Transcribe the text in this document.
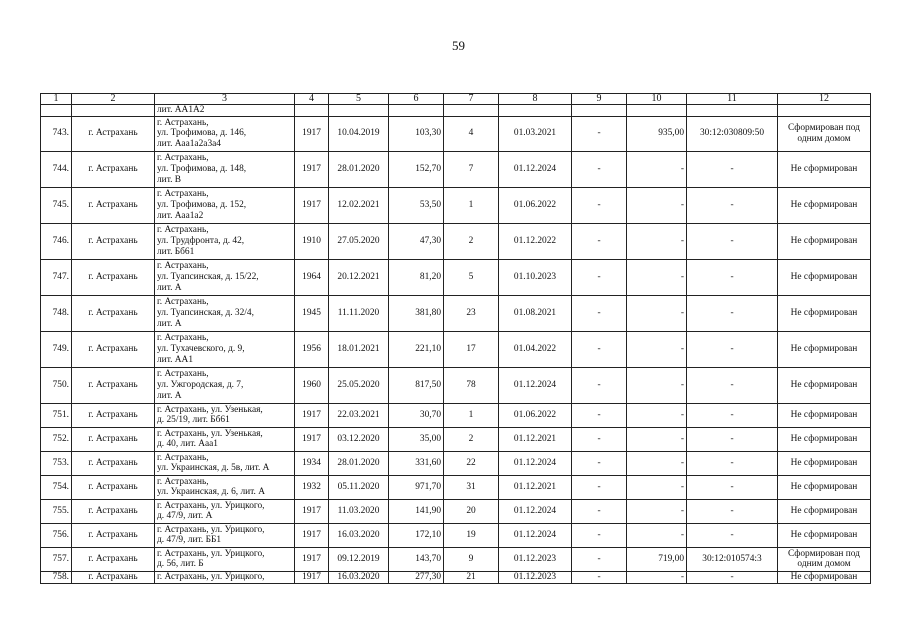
59
1	2	3	4	5	6	7	8	9	10	11	12
		лит. АА1А2									
743.	г. Астрахань	г. Астрахань,
ул. Трофимова, д. 146,
лит. Ааа1а2а3а4	1917	10.04.2019	103,30	4	01.03.2021	-	935,00	30:12:030809:50	Сформирован под
одним домом
744.	г. Астрахань	г. Астрахань,
ул. Трофимова, д. 148,
лит. В	1917	28.01.2020	152,70	7	01.12.2024	-	-	-	Не сформирован
745.	г. Астрахань	г. Астрахань,
ул. Трофимова, д. 152,
лит. Ааа1а2	1917	12.02.2021	53,50	1	01.06.2022	-	-	-	Не сформирован
746.	г. Астрахань	г. Астрахань,
ул. Трудфронта, д. 42,
лит. Бб61	1910	27.05.2020	47,30	2	01.12.2022	-	-	-	Не сформирован
747.	г. Астрахань	г. Астрахань,
ул. Туапсинская, д. 15/22,
лит. А	1964	20.12.2021	81,20	5	01.10.2023	-	-	-	Не сформирован
748.	г. Астрахань	г. Астрахань,
ул. Туапсинская, д. 32/4,
лит. А	1945	11.11.2020	381,80	23	01.08.2021	-	-	-	Не сформирован
749.	г. Астрахань	г. Астрахань,
ул. Тухачевского, д. 9,
лит. АА1	1956	18.01.2021	221,10	17	01.04.2022	-	-	-	Не сформирован
750.	г. Астрахань	г. Астрахань,
ул. Ужгородская, д. 7,
лит. А	1960	25.05.2020	817,50	78	01.12.2024	-	-	-	Не сформирован
751.	г. Астрахань	г. Астрахань, ул. Узенькая,
д. 25/19, лит. Бб61	1917	22.03.2021	30,70	1	01.06.2022	-	-	-	Не сформирован
752.	г. Астрахань	г. Астрахань, ул. Узенькая,
д. 40, лит. Ааа1	1917	03.12.2020	35,00	2	01.12.2021	-	-	-	Не сформирован
753.	г. Астрахань	г. Астрахань,
ул. Украинская, д. 5в, лит. А	1934	28.01.2020	331,60	22	01.12.2024	-	-	-	Не сформирован
754.	г. Астрахань	г. Астрахань,
ул. Украинская, д. 6, лит. А	1932	05.11.2020	971,70	31	01.12.2021	-	-	-	Не сформирован
755.	г. Астрахань	г. Астрахань, ул. Урицкого,
д. 47/9, лит. А	1917	11.03.2020	141,90	20	01.12.2024	-	-	-	Не сформирован
756.	г. Астрахань	г. Астрахань, ул. Урицкого,
д. 47/9, лит. ББ1	1917	16.03.2020	172,10	19	01.12.2024	-	-	-	Не сформирован
757.	г. Астрахань	г. Астрахань, ул. Урицкого,
д. 56, лит. Б	1917	09.12.2019	143,70	9	01.12.2023	-	719,00	30:12:010574:3	Сформирован под
одним домом
758.	г. Астрахань	г. Астрахань, ул. Урицкого,	1917	16.03.2020	277,30	21	01.12.2023	-	-	-	Не сформирован
